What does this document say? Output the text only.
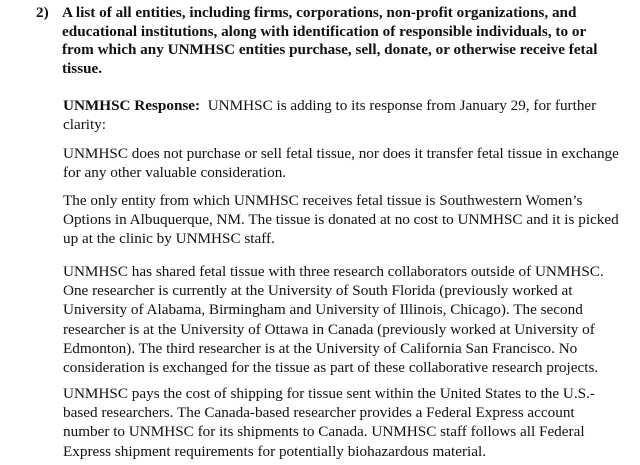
2) A list of all entities, including firms, corporations, non-profit organizations, and educational institutions, along with identification of responsible individuals, to or from which any UNMHSC entities purchase, sell, donate, or otherwise receive fetal tissue.
UNMHSC Response: UNMHSC is adding to its response from January 29, for further clarity:
UNMHSC does not purchase or sell fetal tissue, nor does it transfer fetal tissue in exchange for any other valuable consideration.
The only entity from which UNMHSC receives fetal tissue is Southwestern Women’s Options in Albuquerque, NM. The tissue is donated at no cost to UNMHSC and it is picked up at the clinic by UNMHSC staff.
UNMHSC has shared fetal tissue with three research collaborators outside of UNMHSC. One researcher is currently at the University of South Florida (previously worked at University of Alabama, Birmingham and University of Illinois, Chicago). The second researcher is at the University of Ottawa in Canada (previously worked at University of Edmonton). The third researcher is at the University of California San Francisco. No consideration is exchanged for the tissue as part of these collaborative research projects.
UNMHSC pays the cost of shipping for tissue sent within the United States to the U.S.-based researchers. The Canada-based researcher provides a Federal Express account number to UNMHSC for its shipments to Canada. UNMHSC staff follows all Federal Express shipment requirements for potentially biohazardous material.
